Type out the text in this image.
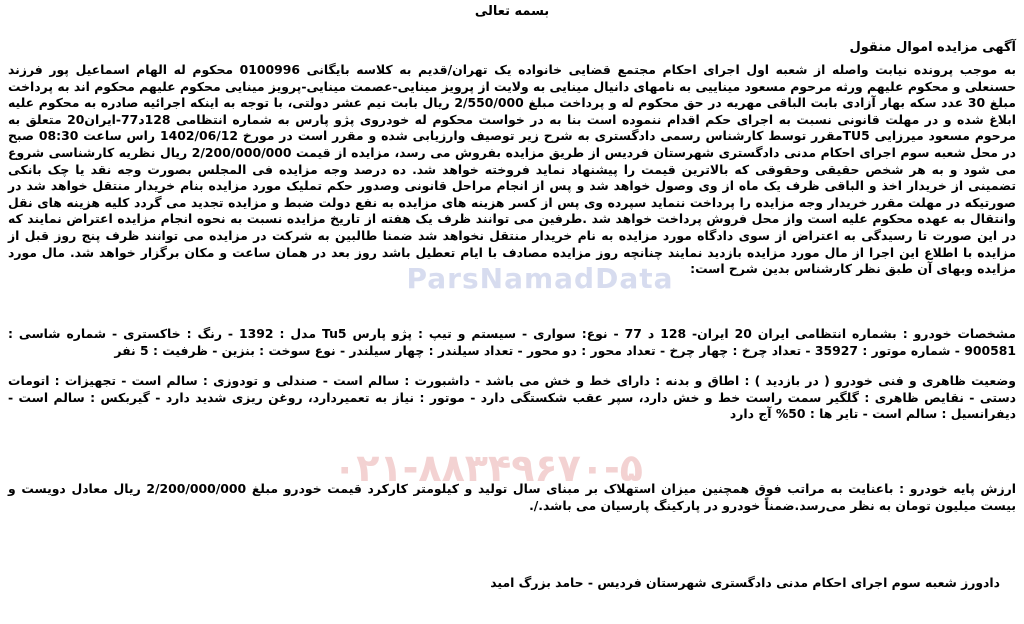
ParsNamadData
۰۲۱-۸۸۳۴۹۶۷۰-۵
بسمه تعالی
آگهی مزایده اموال منقول
به موجب پرونده نیابت واصله از شعبه اول اجرای احکام مجتمع قضایی خانواده یک تهران/قدیم به کلاسه بایگانی 0100996 محکوم له الهام اسماعیل پور فرزند حسنعلی و محکوم علیهم ورثه مرحوم مسعود میناییی به نامهای دانیال مینایی به ولایت از پرویز مینایی-عصمت مینایی-پرویز مینایی محکوم علیهم محکوم اند به پرداخت مبلغ 30 عدد سکه بهار آزادی بابت الباقی مهریه در حق محکوم له و پرداخت مبلغ 2/550/000 ریال بابت نیم عشر دولتی، با توجه به اینکه اجرائیه صادره به محکوم علیه ابلاغ شده و در مهلت قانونی نسبت به اجرای حکم اقدام ننموده است بنا به در خواست محکوم له خودروی پژو پارس به شماره انتظامی 128د77-ایران20 متعلق به مرحوم مسعود میرزایی TU5مقرر توسط کارشناس رسمی دادگستری به شرح زیر توصیف وارزیابی شده و مقرر است در مورخ 1402/06/12 راس ساعت 08:30 صبح در محل شعبه سوم اجرای احکام مدنی دادگستری شهرستان فردیس از طریق مزایده بفروش می رسد، مزایده از قیمت 2/200/000/000 ریال نظریه کارشناسی شروع می شود و به هر شخص حقیقی وحقوقی که بالاترین قیمت را پیشنهاد نماید فروخته خواهد شد. ده درصد وجه مزایده فی المجلس بصورت وجه نقد یا چک بانکی تضمینی از خریدار اخذ و الباقی ظرف یک ماه از وی وصول خواهد شد و پس از انجام مراحل قانونی وصدور حکم تملیک مورد مزایده بنام خریدار منتقل خواهد شد در صورتیکه در مهلت مقرر خریدار وجه مزایده را پرداخت ننماید سپرده وی پس از کسر هزینه های مزایده به نفع دولت ضبط و مزایده تجدید می گردد کلیه هزینه های نقل وانتقال به عهده محکوم علیه است واز محل فروش پرداخت خواهد شد .طرفین می توانند ظرف یک هفته از تاریخ مزایده نسبت به نحوه انجام مزایده اعتراض نمایند که در این صورت تا رسیدگی به اعتراض از سوی دادگاه مورد مزایده به نام خریدار منتقل نخواهد شد ضمنا طالبین به شرکت در مزایده می توانند ظرف پنج روز قبل از مزایده با اطلاع این اجرا از مال مورد مزایده بازدید نمایند چنانچه روز مزایده مصادف با ایام تعطیل باشد روز بعد در همان ساعت و مکان برگزار خواهد شد. مال مورد مزایده وبهای آن طبق نظر کارشناس بدین شرح است:
مشخصات خودرو : بشماره انتظامی ایران 20 ایران- 128 د 77 - نوع: سواری - سیستم و تیپ : پژو پارس Tu5 مدل : 1392 - رنگ : خاکستری - شماره شاسی : 900581 - شماره موتور : 35927 - تعداد چرخ : چهار چرخ - تعداد محور : دو محور - تعداد سیلندر : چهار سیلندر - نوع سوخت : بنزین - ظرفیت : 5 نفر
وضعیت ظاهری و فنی خودرو ( در بازدید ) : اطاق و بدنه : دارای خط و خش می باشد - داشبورت : سالم است - صندلی و تودوزی : سالم است - تجهیزات : اتومات دستی - نقایص ظاهری : گلگیر سمت راست خط و خش دارد، سپر عقب شکستگی دارد - موتور : نیاز به تعمیردارد، روغن ریزی شدید دارد - گیربکس : سالم است - دیفرانسیل : سالم است - تایر ها : 50% آج دارد
ارزش پایه خودرو : باعنایت به مراتب فوق همچنین میزان استهلاک بر مبنای سال تولید و کیلومتر کارکرد قیمت خودرو مبلغ 2/200/000/000 ریال معادل دویست و بیست میلیون تومان به نظر می‌رسد.ضمناً خودرو در پارکینگ پارسیان می باشد./.
دادورز شعبه سوم اجرای احکام مدنی دادگستری شهرستان فردیس - حامد بزرگ امید
